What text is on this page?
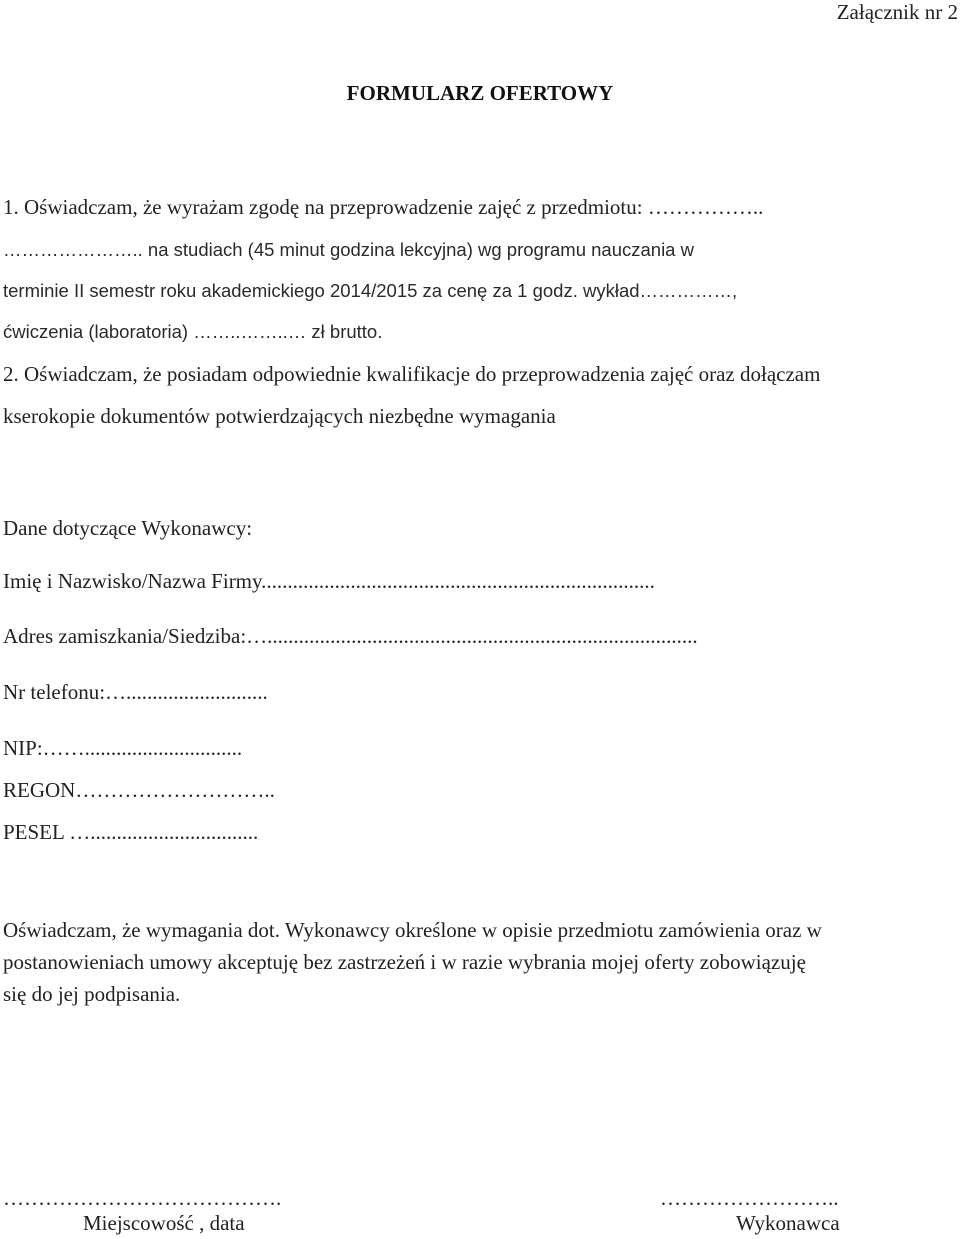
Załącznik nr 2
FORMULARZ OFERTOWY
1. Oświadczam, że wyrażam zgodę na przeprowadzenie zajęć z przedmiotu: ……………..
………………….. na studiach (45 minut godzina lekcyjna) wg programu nauczania w
terminie II semestr roku akademickiego 2014/2015 za cenę za 1 godz. wykład……………,
ćwiczenia (laboratoria) ……..……..… zł brutto.
2. Oświadczam, że posiadam odpowiednie kwalifikacje do przeprowadzenia zajęć oraz dołączam
kserokopie dokumentów potwierdzających niezbędne wymagania
Dane dotyczące Wykonawcy:
Imię i Nazwisko/Nazwa Firmy...........................................................................
Adres zamiszkania/Siedziba:…..................................................................................
Nr telefonu:…...........................
NIP:……..............................
REGON………………………..
PESEL …................................
Oświadczam, że wymagania dot. Wykonawcy określone w opisie przedmiotu zamówienia oraz w
postanowieniach umowy akceptuję bez zastrzeżeń i w razie wybrania mojej oferty zobowiązuję
się do jej podpisania.
………………………………….
Miejscowość , data
……………………..
Wykonawca
